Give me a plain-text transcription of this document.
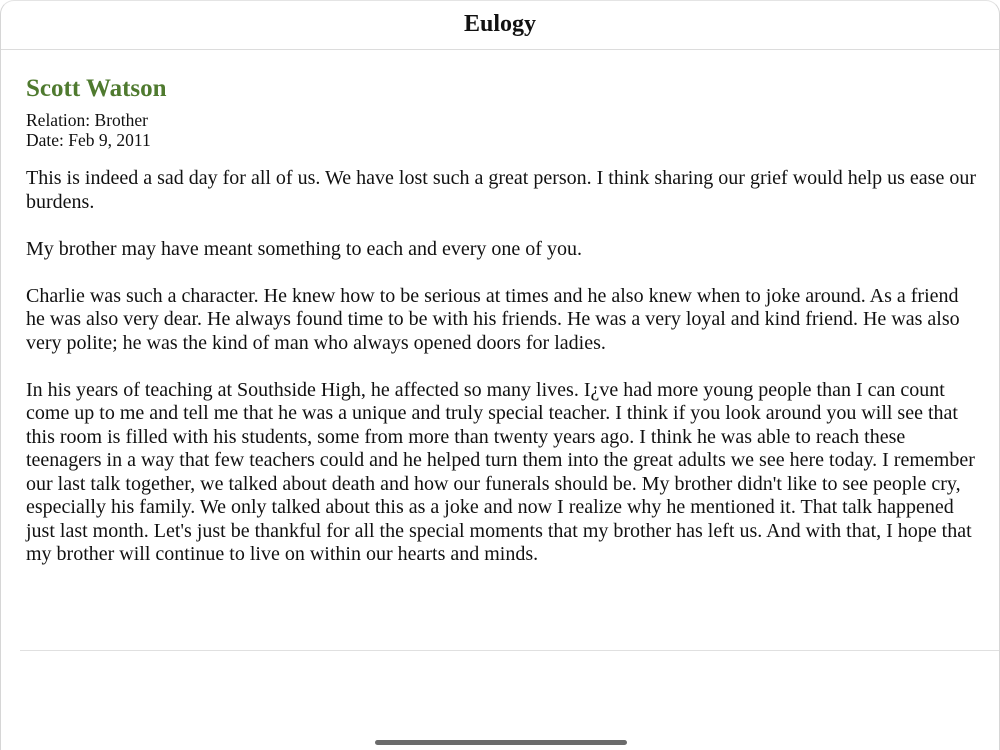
Eulogy
Scott Watson
Relation: Brother
Date: Feb 9, 2011

This is indeed a sad day for all of us. We have lost such a great person. I think sharing our grief would help us ease our burdens.

My brother may have meant something to each and every one of you.

Charlie was such a character. He knew how to be serious at times and he also knew when to joke around. As a friend he was also very dear. He always found time to be with his friends. He was a very loyal and kind friend. He was also very polite; he was the kind of man who always opened doors for ladies.

In his years of teaching at Southside High, he affected so many lives. I¿ve had more young people than I can count come up to me and tell me that he was a unique and truly special teacher. I think if you look around you will see that this room is filled with his students, some from more than twenty years ago. I think he was able to reach these teenagers in a way that few teachers could and he helped turn them into the great adults we see here today. I remember our last talk together, we talked about death and how our funerals should be. My brother didn't like to see people cry, especially his family. We only talked about this as a joke and now I realize why he mentioned it. That talk happened just last month. Let's just be thankful for all the special moments that my brother has left us. And with that, I hope that my brother will continue to live on within our hearts and minds.
